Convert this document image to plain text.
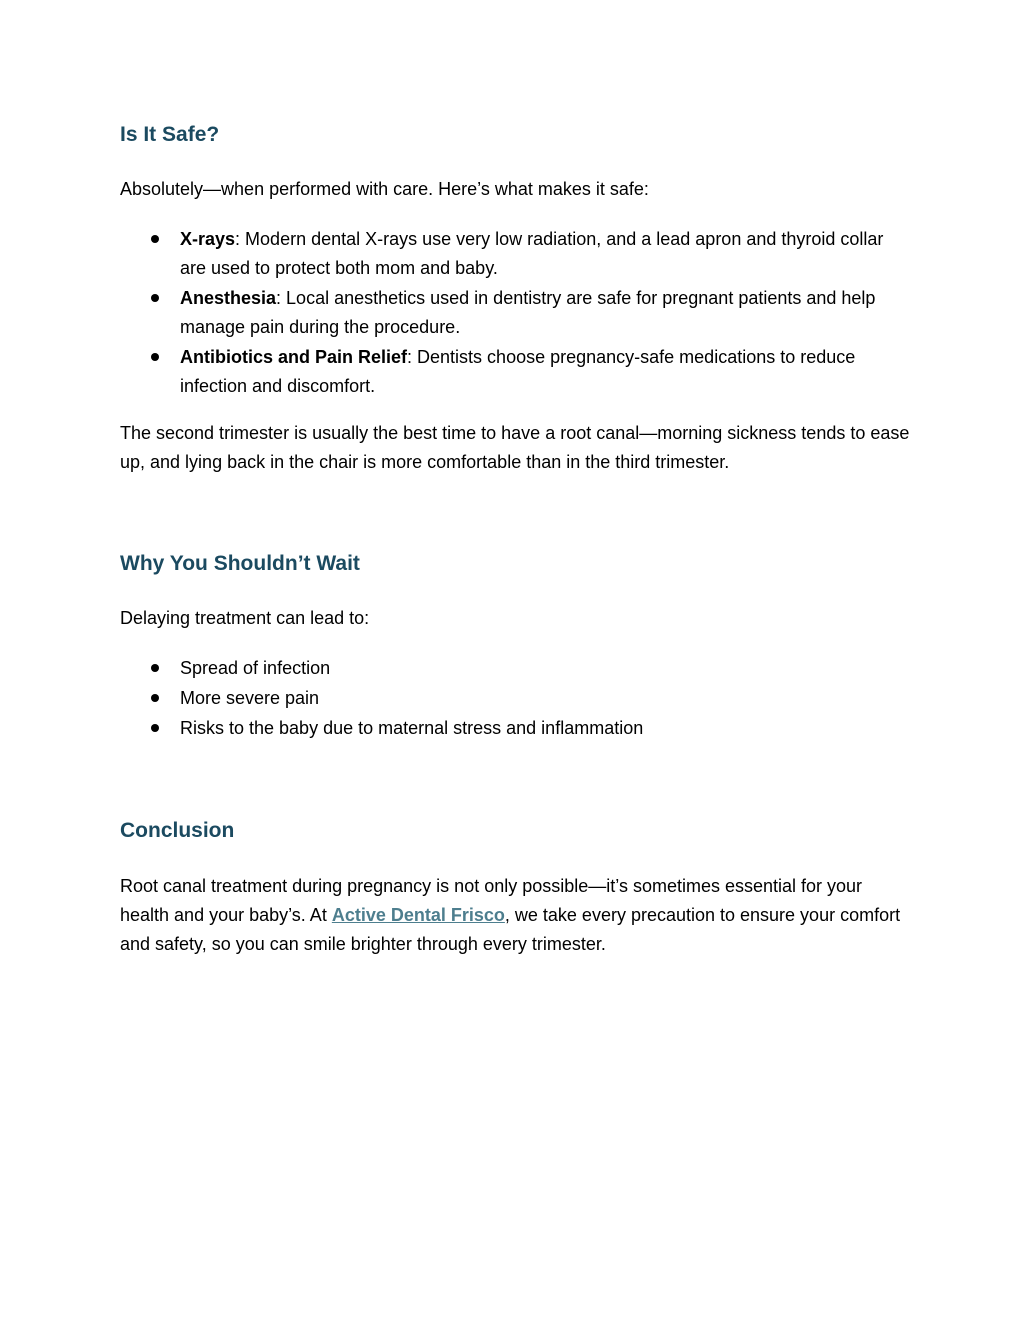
Is It Safe?

Absolutely—when performed with care. Here’s what makes it safe:

X-rays: Modern dental X-rays use very low radiation, and a lead apron and thyroid collar are used to protect both mom and baby.
Anesthesia: Local anesthetics used in dentistry are safe for pregnant patients and help manage pain during the procedure.
Antibiotics and Pain Relief: Dentists choose pregnancy-safe medications to reduce infection and discomfort.

The second trimester is usually the best time to have a root canal—morning sickness tends to ease up, and lying back in the chair is more comfortable than in the third trimester.

Why You Shouldn’t Wait

Delaying treatment can lead to:

Spread of infection
More severe pain
Risks to the baby due to maternal stress and inflammation
Conclusion

Root canal treatment during pregnancy is not only possible—it’s sometimes essential for your health and your baby’s. At Active Dental Frisco, we take every precaution to ensure your comfort and safety, so you can smile brighter through every trimester.
